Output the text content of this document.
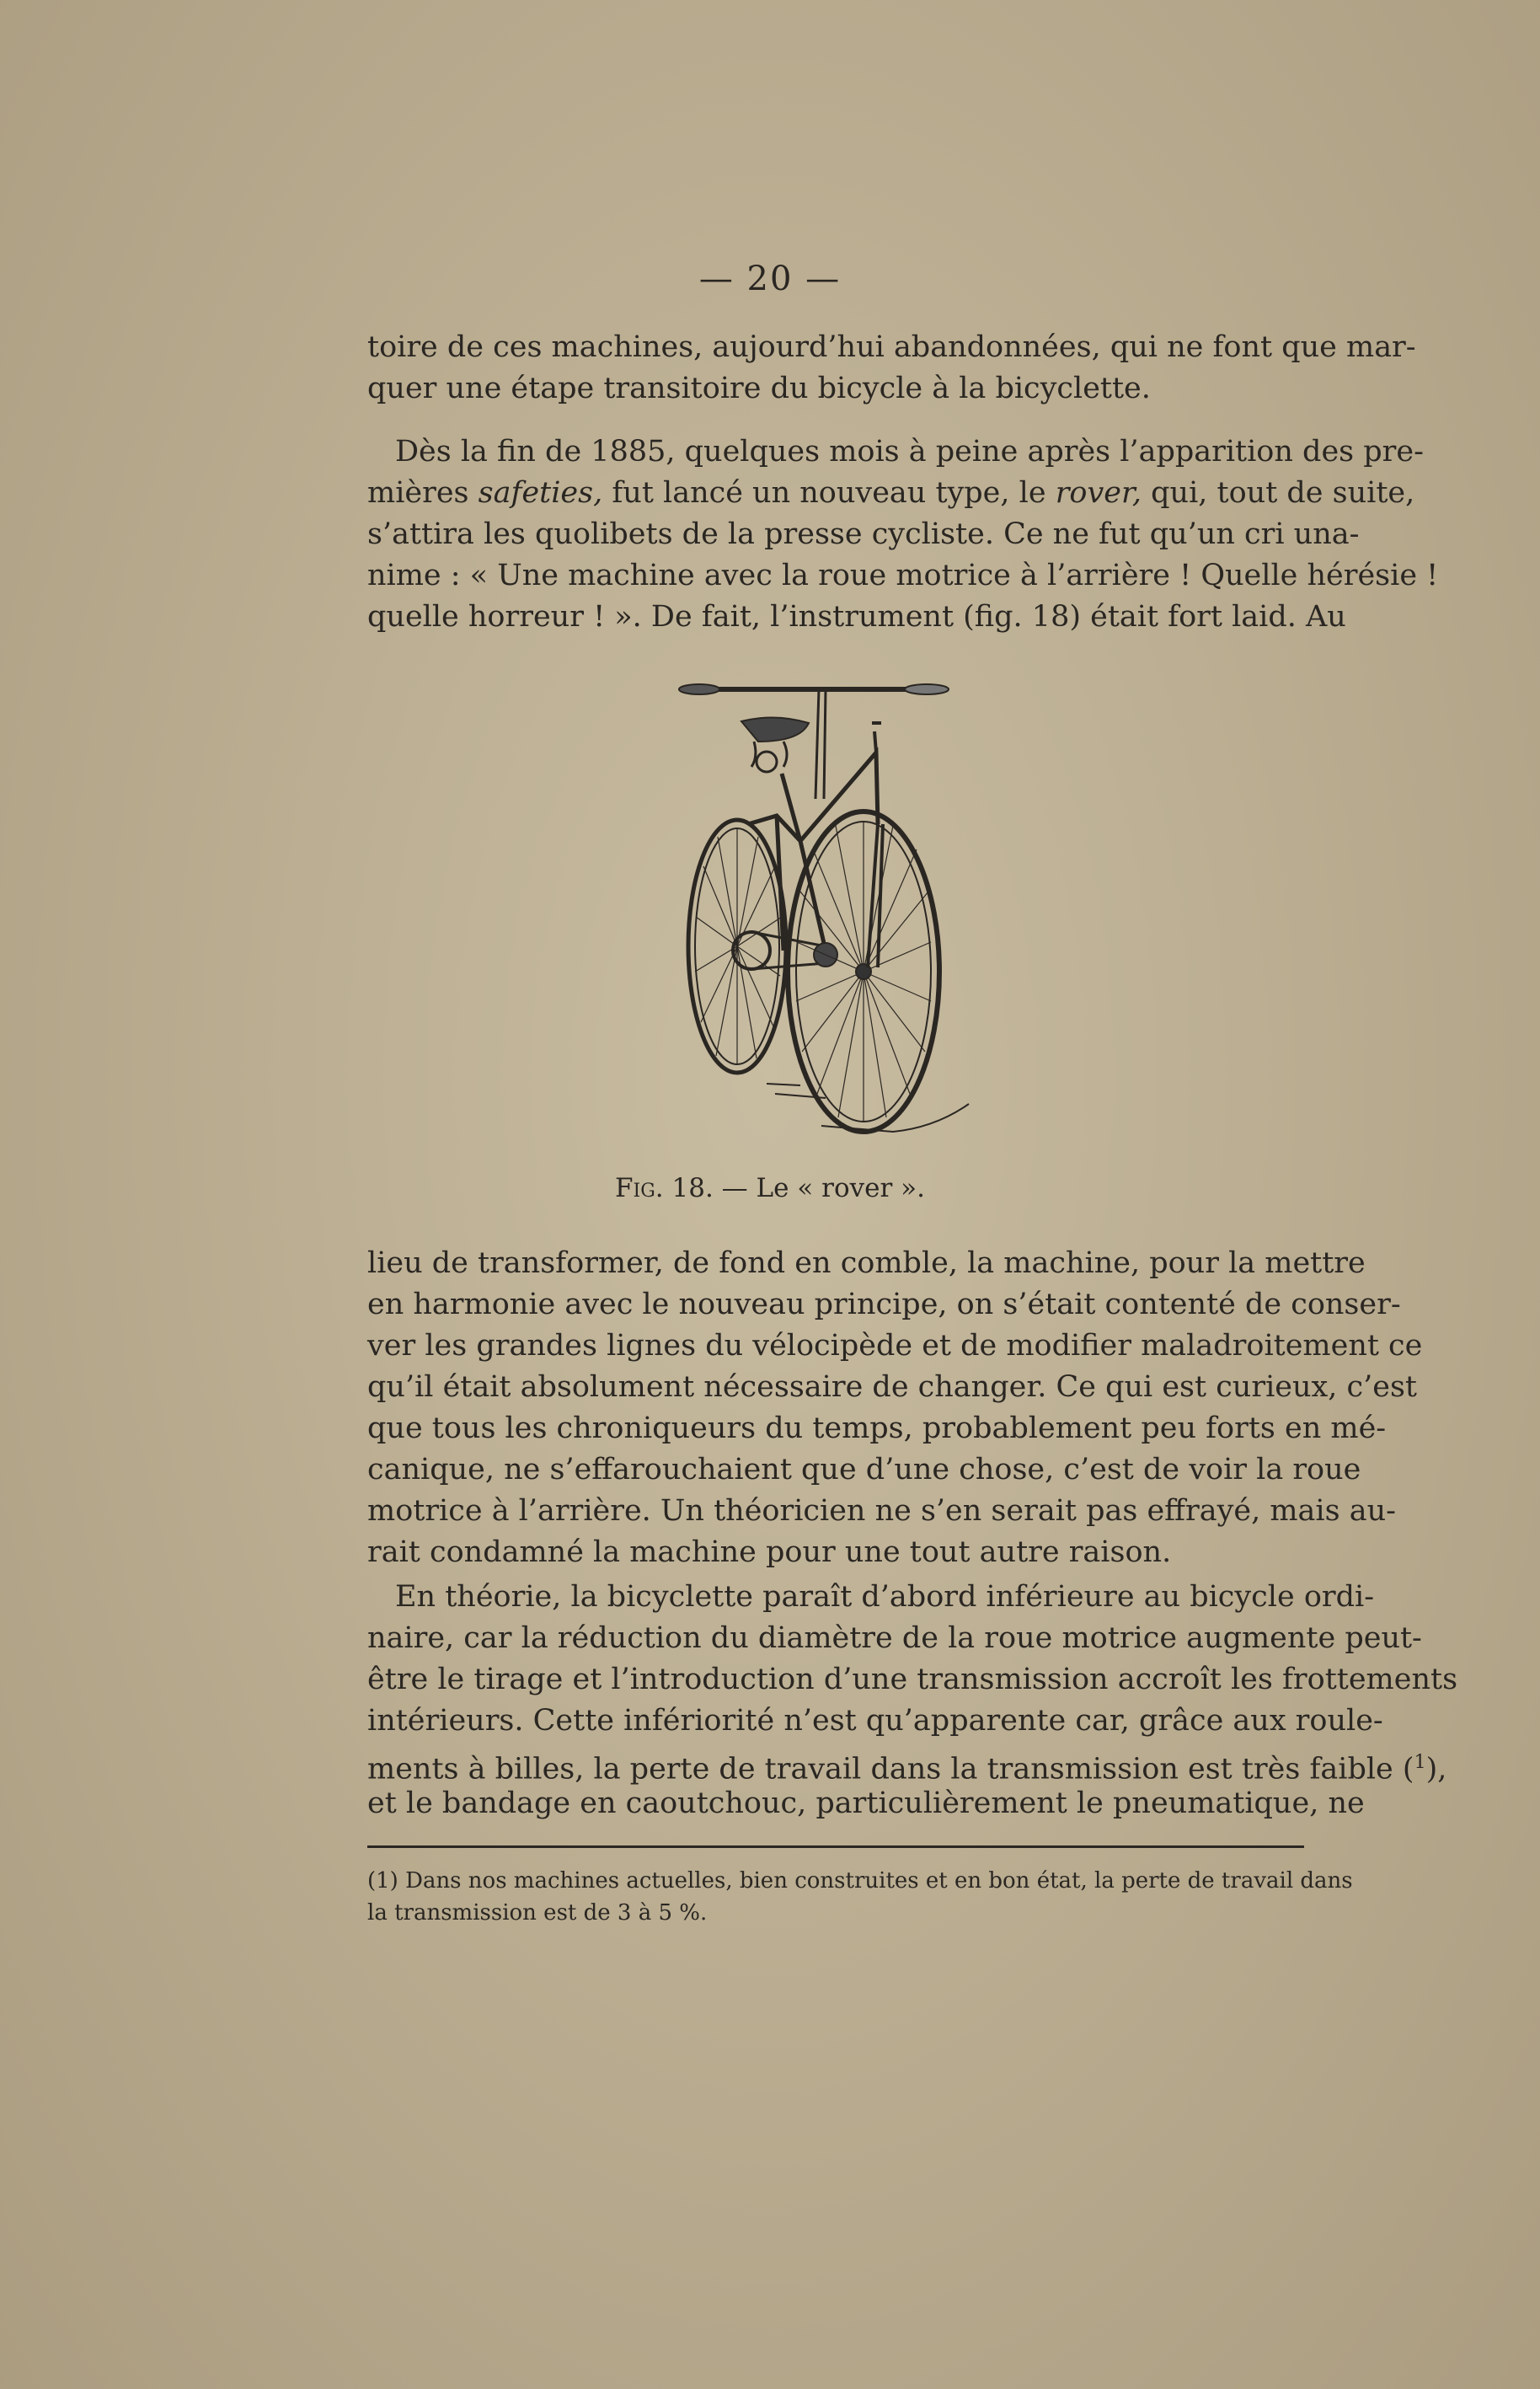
— 20 —
toire de ces machines, aujourd’hui abandonnées, qui ne font que mar-
quer une étape transitoire du bicycle à la bicyclette.
Dès la fin de 1885, quelques mois à peine après l’apparition des pre-
mières safeties, fut lancé un nouveau type, le rover, qui, tout de suite,
s’attira les quolibets de la presse cycliste. Ce ne fut qu’un cri una-
nime : « Une machine avec la roue motrice à l’arrière ! Quelle hérésie !
quelle horreur ! ». De fait, l’instrument (fig. 18) était fort laid. Au
Fig. 18. — Le « rover ».
lieu de transformer, de fond en comble, la machine, pour la mettre
en harmonie avec le nouveau principe, on s’était contenté de conser-
ver les grandes lignes du vélocipède et de modifier maladroitement ce
qu’il était absolument nécessaire de changer. Ce qui est curieux, c’est
que tous les chroniqueurs du temps, probablement peu forts en mé-
canique, ne s’effarouchaient que d’une chose, c’est de voir la roue
motrice à l’arrière. Un théoricien ne s’en serait pas effrayé, mais au-
rait condamné la machine pour une tout autre raison.
En théorie, la bicyclette paraît d’abord inférieure au bicycle ordi-
naire, car la réduction du diamètre de la roue motrice augmente peut-
être le tirage et l’introduction d’une transmission accroît les frottements
intérieurs. Cette infériorité n’est qu’apparente car, grâce aux roule-
ments à billes, la perte de travail dans la transmission est très faible ($^1$),
et le bandage en caoutchouc, particulièrement le pneumatique, ne
(1) Dans nos machines actuelles, bien construites et en bon état, la perte de travail dans
la transmission est de 3 à 5 %.
